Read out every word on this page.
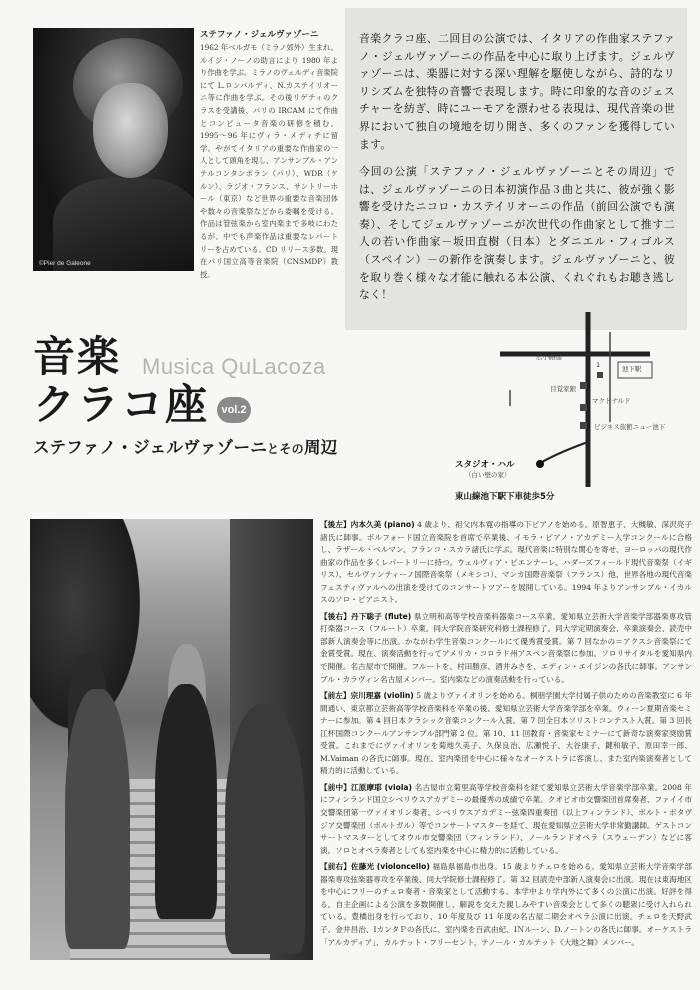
©Pier de Galeone
ステファノ・ジェルヴァゾーニ
1962 年ベルガモ（ミラノ郊外）生まれ。ルイジ・ノーノの助言により 1980 年より作曲を学ぶ。ミラノのヴェルディ音楽院にて L.ロンバルディ、N.カステイリオーニ等に作曲を学ぶ。その後リゲティのクラスを受講後、パリの IRCAM にて作曲とコンピュータ音楽の研修を積む。1995〜96 年にヴィラ・メディチに留学。やがてイタリアの重要な作曲家の一人として頭角を現し、アンサンブル・アンテルコンタンポラン（パリ）、WDR（ケルン）、ラジオ・フランス、サントリーホール（東京）など世界の重要な音楽団体や数々の音楽祭などから委嘱を受ける。作品は管弦楽から室内楽まで多岐にわたるが、中でも声楽作品は重要なレパートリーを占めている。CD リリース多数。現在パリ国立高等音楽院（CNSMDP）教授。

音楽クラコ座、二回目の公演では、イタリアの作曲家ステファノ・ジェルヴァゾーニの作品を中心に取り上げます。ジェルヴァゾーニは、楽器に対する深い理解を駆使しながら、詩的なリリシズムを独特の音響で表現します。時に印象的な音のジェスチャーを紡ぎ、時にユーモアを漂わせる表現は、現代音楽の世界において独自の境地を切り開き、多くのファンを獲得しています。

今回の公演「ステファノ・ジェルヴァゾーニとその周辺」では、ジェルヴァゾーニの日本初演作品３曲と共に、彼が強く影響を受けたニコロ・カステイリオーニの作品（前回公演でも演奏）、そしてジェルヴァゾーニが次世代の作曲家として推す二人の若い作曲家－坂田直樹（日本）とダニエル・フィゴルス（スペイン）－の新作を演奏します。ジェルヴァゾーニと、彼を取り巻く様々な才能に触れる本公演、くれぐれもお聴き逃しなく！

音楽
クラコ座
Musica QuLacoza
vol.2
ステファノ・ジェルヴァゾーニとその周辺
広小路通
池下駅
1
目覚家銀
マクドナルド
ビジネス旅館ニュー池下
スタジオ・ハル
（白い壁の家）
東山線池下駅下車徒歩5分
【後左】内本久美 (piano) 4 歳より、祖父内本寛の指導の下ピアノを始める。原智恵子、大槻敏、深沢亮子諸氏に師事。ボルフォード国立音楽院を首席で卒業後、イモラ・ピアノ・アカデミー入学コンクールに合格し、ラザール・ベルマン、フランコ・スカラ諸氏に学ぶ。現代音楽に特別な関心を寄せ、ヨーロッパの現代作曲家の作品を多くレパートリーに持つ。ウェルヴィア・ビエンナーレ、ハダーズフィールド現代音楽祭（イギリス）、セルヴァンティーノ国際音楽祭（メキシコ）、マンカ国際音楽祭（フランス）他、世界各地の現代音楽フェスティヴァルへの出演を受けてのコンサートツアーを展開している。1994 年よりアンサンブル・イカルスのソロ・ピアニスト。
【後右】丹下聡子 (flute) 県立明和高等学校音楽科器楽コース卒業。愛知県立芸術大学音楽学部器楽専攻管打楽器コース（フルート）卒業。同大学院音楽研究科修士課程修了。同大学定期演奏会、卒業演奏会、読売中部新人演奏会等に出演。かながわ学生音楽コンクールにて優秀賞受賞。第 7 回なかの＝アクスシ音楽祭にて金賞受賞。現在、演奏活動を行ってアメリカ・コロラド州アスペン音楽祭に参加。ソロリサイタルを愛知県内で開催。名古屋市で開催。フルートを、村田勝彦、酒井みさを、エディン・エイジンの各氏に師事。アンサンブル・カラヴィン名古屋メンバー。室内楽などの演奏活動を行っている。
【前左】宗川理嘉 (violin) 5 歳よりヴァイオリンを始める。桐朋学園大学付属子供のための音楽教室に 6 年間通い、東京都立芸術高等学校音楽科を卒業の後、愛知県立芸術大学音楽学部を卒業。ウィーン夏期音楽セミナーに参加。第 4 回日本クラシック音楽コンクール入賞。第 7 回全日本ソリストコンテスト入賞。第 3 回長江杯国際コンクールアンサンブル部門第 2 位。第 10、11 回教育・音楽家セミナーにて新奇な演奏家奨励賞受賞。これまでにヴァイオリンを菊地久美子、久保良治、広瀬悦子、大谷康子、鍵和敏子、原田幸一郎、M.Vaiman の各氏に師事。現在、室内楽団を中心に様々なオーケストラに客演し、また室内楽演奏者として精力的に活動している。
【前中】江原摩耶 (viola) 名古屋市立菊里高等学校音楽科を経て愛知県立芸術大学音楽学部卒業。2008 年にフィンランド国立シベリウスアカデミーの最優秀の成績で卒業。クオピオ市交響楽団首席奏者、ファイイ市交響楽団第一ヴァイオリン奏者、シベリウスアカデミー弦楽四重奏団（以上フィンランド）、ボルト・ボタヴジア交響楽団（ボルトガル）等でコンサートマスターを経て、現在愛知県立芸術大学非常勤講師。ゲストコンサートマスターとしてオウル市交響楽団（フィンランド）、ノールランドオペラ（スウェーデン）などに客演。ソロとオペラ奏者としても室内楽を中心に精力的に活動している。
【前右】佐藤光 (violoncello) 福島県福島市出身。15 歳よりチェロを始める。愛知県立芸術大学音楽学部器楽専攻弦楽器専攻を卒業後、同大学院修士課程修了。第 32 回読売中部新人演奏会に出演。現在は東海地区を中心にフリーのチェロ奏者・音楽家として活動する。本学中より学内外にて多くの公演に出演。好評を得る。自主企画による公演を多数開催し、解説を交えた親しみやすい音楽会として多くの聴衆に受け入れられている。豊橋出身を行っており、10 年度及び 11 年度の名古屋二期会オペラ公演に出演。チェロを天野武子、金井昌治、ⅠカンタＰの各氏に、室内楽を百武由紀、ⅠＮルーン、D.ノートンの各氏に師事。オーケストラ「アルカディア」、カルテット・フリーセント、テノール・カルテット《大地之舞》メンバー。
